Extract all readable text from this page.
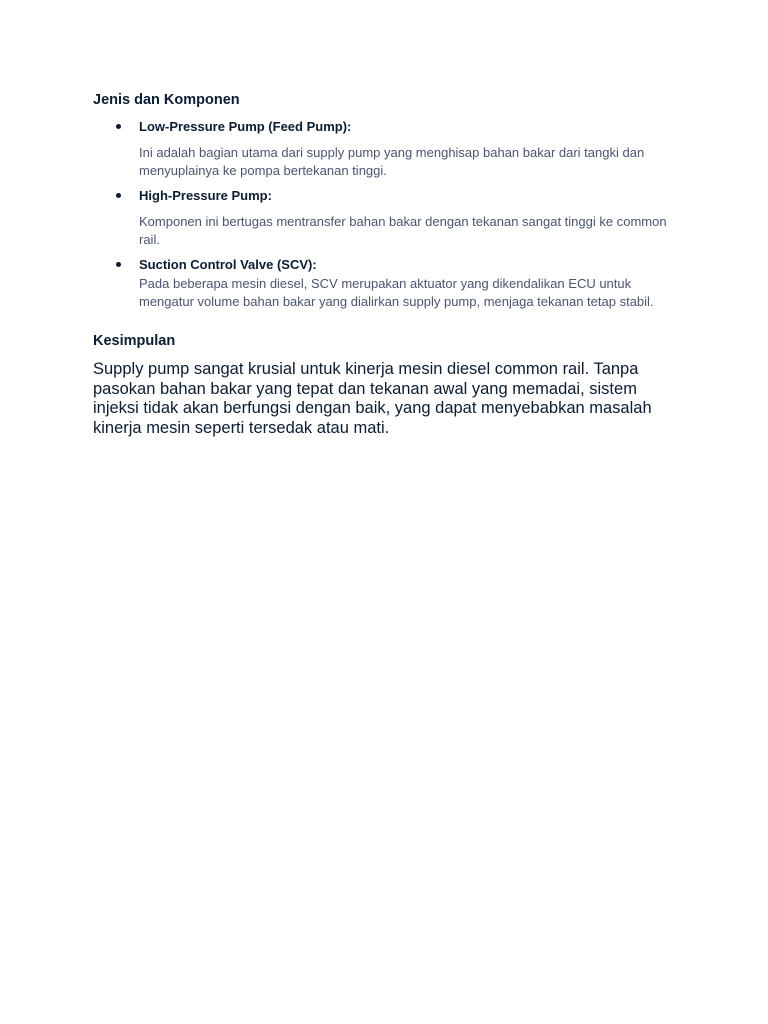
Jenis dan Komponen
Low-Pressure Pump (Feed Pump):
Ini adalah bagian utama dari supply pump yang menghisap bahan bakar dari tangki dan menyuplainya ke pompa bertekanan tinggi.
High-Pressure Pump:
Komponen ini bertugas mentransfer bahan bakar dengan tekanan sangat tinggi ke common rail.
Suction Control Valve (SCV):
Pada beberapa mesin diesel, SCV merupakan aktuator yang dikendalikan ECU untuk mengatur volume bahan bakar yang dialirkan supply pump, menjaga tekanan tetap stabil.
Kesimpulan

Supply pump sangat krusial untuk kinerja mesin diesel common rail. Tanpa pasokan bahan bakar yang tepat dan tekanan awal yang memadai, sistem injeksi tidak akan berfungsi dengan baik, yang dapat menyebabkan masalah kinerja mesin seperti tersedak atau mati.
